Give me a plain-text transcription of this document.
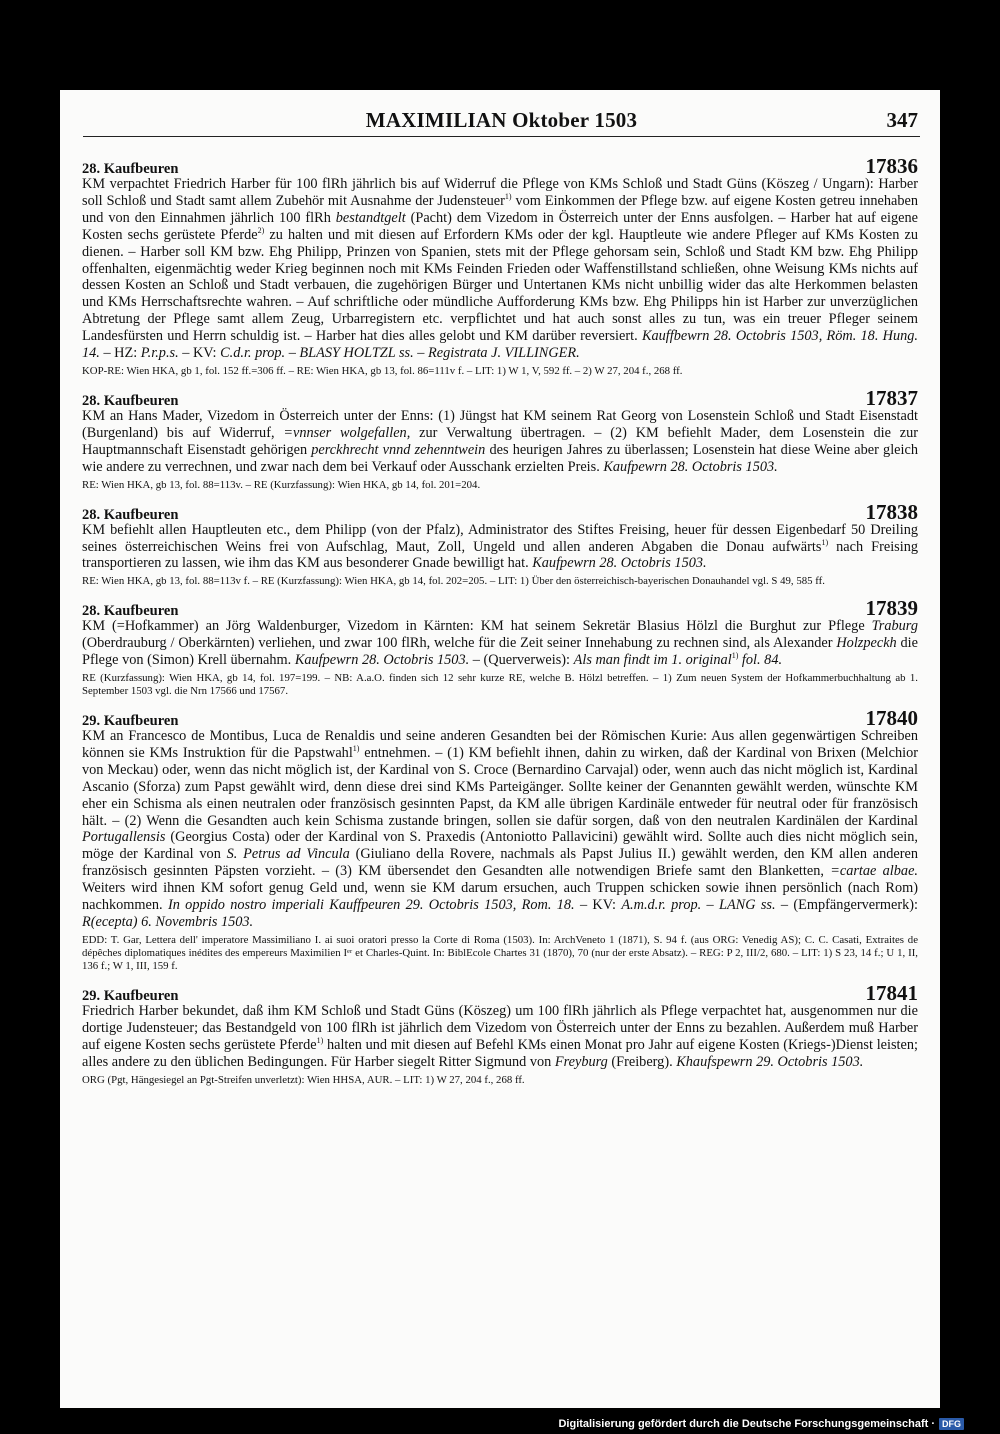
MAXIMILIAN Oktober 1503	347
28. Kaufbeuren	17836
KM verpachtet Friedrich Harber für 100 flRh jährlich bis auf Widerruf die Pflege von KMs Schloß und Stadt Güns (Köszeg / Ungarn): Harber soll Schloß und Stadt samt allem Zubehör mit Ausnahme der Judensteuer$^{1)}$ vom Einkommen der Pflege bzw. auf eigene Kosten getreu innehaben und von den Einnahmen jährlich 100 flRh bestandtgelt (Pacht) dem Vizedom in Österreich unter der Enns ausfolgen. – Harber hat auf eigene Kosten sechs gerüstete Pferde$^{2)}$ zu halten und mit diesen auf Erfordern KMs oder der kgl. Hauptleute wie andere Pfleger auf KMs Kosten zu dienen. – Harber soll KM bzw. Ehg Philipp, Prinzen von Spanien, stets mit der Pflege gehorsam sein, Schloß und Stadt KM bzw. Ehg Philipp offenhalten, eigenmächtig weder Krieg beginnen noch mit KMs Feinden Frieden oder Waffenstillstand schließen, ohne Weisung KMs nichts auf dessen Kosten an Schloß und Stadt verbauen, die zugehörigen Bürger und Untertanen KMs nicht unbillig wider das alte Herkommen belasten und KMs Herrschaftsrechte wahren. – Auf schriftliche oder mündliche Aufforderung KMs bzw. Ehg Philipps hin ist Harber zur unverzüglichen Abtretung der Pflege samt allem Zeug, Urbarregistern etc. verpflichtet und hat auch sonst alles zu tun, was ein treuer Pfleger seinem Landesfürsten und Herrn schuldig ist. – Harber hat dies alles gelobt und KM darüber reversiert. Kauffbewrn 28. Octobris 1503, Röm. 18. Hung. 14. – HZ: P.r.p.s. – KV: C.d.r. prop. – BLASY HOLTZL ss. – Registrata J. VILLINGER.
KOP-RE: Wien HKA, gb 1, fol. 152 ff.=306 ff. – RE: Wien HKA, gb 13, fol. 86=111v f. – LIT: 1) W 1, V, 592 ff. – 2) W 27, 204 f., 268 ff.
28. Kaufbeuren	17837
KM an Hans Mader, Vizedom in Österreich unter der Enns: (1) Jüngst hat KM seinem Rat Georg von Losenstein Schloß und Stadt Eisenstadt (Burgenland) bis auf Widerruf, =vnnser wolgefallen, zur Verwaltung übertragen. – (2) KM befiehlt Mader, dem Losenstein die zur Hauptmannschaft Eisenstadt gehörigen perckhrecht vnnd zehenntwein des heurigen Jahres zu überlassen; Losenstein hat diese Weine aber gleich wie andere zu verrechnen, und zwar nach dem bei Verkauf oder Ausschank erzielten Preis. Kaufpewrn 28. Octobris 1503.
RE: Wien HKA, gb 13, fol. 88=113v. – RE (Kurzfassung): Wien HKA, gb 14, fol. 201=204.
28. Kaufbeuren	17838
KM befiehlt allen Hauptleuten etc., dem Philipp (von der Pfalz), Administrator des Stiftes Freising, heuer für dessen Eigenbedarf 50 Dreiling seines österreichischen Weins frei von Aufschlag, Maut, Zoll, Ungeld und allen anderen Abgaben die Donau aufwärts$^{1)}$ nach Freising transportieren zu lassen, wie ihm das KM aus besonderer Gnade bewilligt hat. Kaufpewrn 28. Octobris 1503.
RE: Wien HKA, gb 13, fol. 88=113v f. – RE (Kurzfassung): Wien HKA, gb 14, fol. 202=205. – LIT: 1) Über den österreichisch-bayerischen Donauhandel vgl. S 49, 585 ff.
28. Kaufbeuren	17839
KM (=Hofkammer) an Jörg Waldenburger, Vizedom in Kärnten: KM hat seinem Sekretär Blasius Hölzl die Burghut zur Pflege Traburg (Oberdrauburg / Oberkärnten) verliehen, und zwar 100 flRh, welche für die Zeit seiner Innehabung zu rechnen sind, als Alexander Holzpeckh die Pflege von (Simon) Krell übernahm. Kaufpewrn 28. Octobris 1503. – (Querverweis): Als man findt im 1. original$^{1)}$ fol. 84.
RE (Kurzfassung): Wien HKA, gb 14, fol. 197=199. – NB: A.a.O. finden sich 12 sehr kurze RE, welche B. Hölzl betreffen. – 1) Zum neuen System der Hofkammerbuchhaltung ab 1. September 1503 vgl. die Nrn 17566 und 17567.
29. Kaufbeuren	17840
KM an Francesco de Montibus, Luca de Renaldis und seine anderen Gesandten bei der Römischen Kurie: Aus allen gegenwärtigen Schreiben können sie KMs Instruktion für die Papstwahl$^{1)}$ entnehmen. – (1) KM befiehlt ihnen, dahin zu wirken, daß der Kardinal von Brixen (Melchior von Meckau) oder, wenn das nicht möglich ist, der Kardinal von S. Croce (Bernardino Carvajal) oder, wenn auch das nicht möglich ist, Kardinal Ascanio (Sforza) zum Papst gewählt wird, denn diese drei sind KMs Parteigänger. Sollte keiner der Genannten gewählt werden, wünschte KM eher ein Schisma als einen neutralen oder französisch gesinnten Papst, da KM alle übrigen Kardinäle entweder für neutral oder für französisch hält. – (2) Wenn die Gesandten auch kein Schisma zustande bringen, sollen sie dafür sorgen, daß von den neutralen Kardinälen der Kardinal Portugallensis (Georgius Costa) oder der Kardinal von S. Praxedis (Antoniotto Pallavicini) gewählt wird. Sollte auch dies nicht möglich sein, möge der Kardinal von S. Petrus ad Vincula (Giuliano della Rovere, nachmals als Papst Julius II.) gewählt werden, den KM allen anderen französisch gesinnten Päpsten vorzieht. – (3) KM übersendet den Gesandten alle notwendigen Briefe samt den Blanketten, =cartae albae. Weiters wird ihnen KM sofort genug Geld und, wenn sie KM darum ersuchen, auch Truppen schicken sowie ihnen persönlich (nach Rom) nachkommen. In oppido nostro imperiali Kauffpeuren 29. Octobris 1503, Rom. 18. – KV: A.m.d.r. prop. – LANG ss. – (Empfängervermerk): R(ecepta) 6. Novembris 1503.
EDD: T. Gar, Lettera dell' imperatore Massimiliano I. ai suoi oratori presso la Corte di Roma (1503). In: ArchVeneto 1 (1871), S. 94 f. (aus ORG: Venedig AS); C. C. Casati, Extraites de dépêches diplomatiques inédites des empereurs Maximilien Iᵉʳ et Charles-Quint. In: BiblEcole Chartes 31 (1870), 70 (nur der erste Absatz). – REG: P 2, III/2, 680. – LIT: 1) S 23, 14 f.; U 1, II, 136 f.; W 1, III, 159 f.
29. Kaufbeuren	17841
Friedrich Harber bekundet, daß ihm KM Schloß und Stadt Güns (Köszeg) um 100 flRh jährlich als Pflege verpachtet hat, ausgenommen nur die dortige Judensteuer; das Bestandgeld von 100 flRh ist jährlich dem Vizedom von Österreich unter der Enns zu bezahlen. Außerdem muß Harber auf eigene Kosten sechs gerüstete Pferde$^{1)}$ halten und mit diesen auf Befehl KMs einen Monat pro Jahr auf eigene Kosten (Kriegs-)Dienst leisten; alles andere zu den üblichen Bedingungen. Für Harber siegelt Ritter Sigmund von Freyburg (Freiberg). Khaufspewrn 29. Octobris 1503.
ORG (Pgt, Hängesiegel an Pgt-Streifen unverletzt): Wien HHSA, AUR. – LIT: 1) W 27, 204 f., 268 ff.
Digitalisierung gefördert durch die Deutsche Forschungsgemeinschaft · DFG
